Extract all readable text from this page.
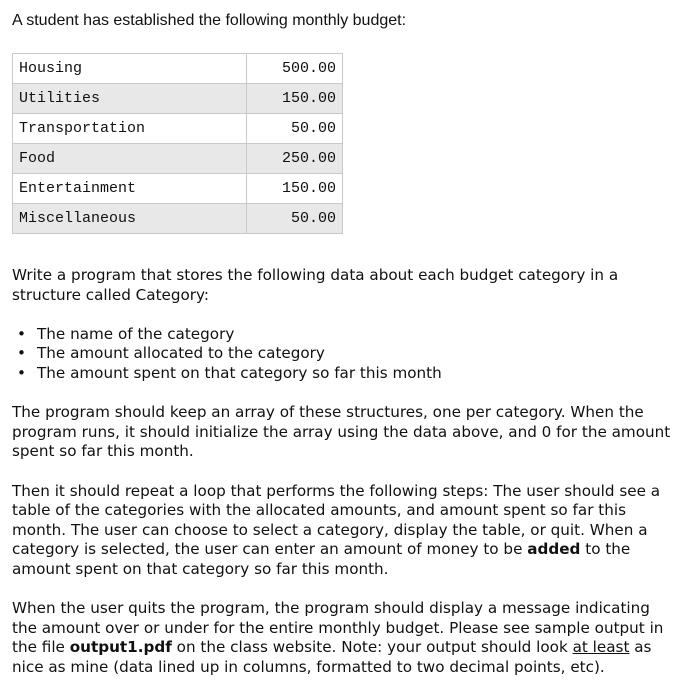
A student has established the following monthly budget:

Housing	500.00
Utilities	150.00
Transportation	50.00
Food	250.00
Entertainment	150.00
Miscellaneous	50.00

Write a program that stores the following data about each budget category in a structure called Category:

• The name of the category
• The amount allocated to the category
• The amount spent on that category so far this month

The program should keep an array of these structures, one per category. When the program runs, it should initialize the array using the data above, and 0 for the amount spent so far this month.

Then it should repeat a loop that performs the following steps: The user should see a table of the categories with the allocated amounts, and amount spent so far this month. The user can choose to select a category, display the table, or quit. When a category is selected, the user can enter an amount of money to be added to the amount spent on that category so far this month.

When the user quits the program, the program should display a message indicating the amount over or under for the entire monthly budget. Please see sample output in the file output1.pdf on the class website. Note: your output should look at least as nice as mine (data lined up in columns, formatted to two decimal points, etc).
